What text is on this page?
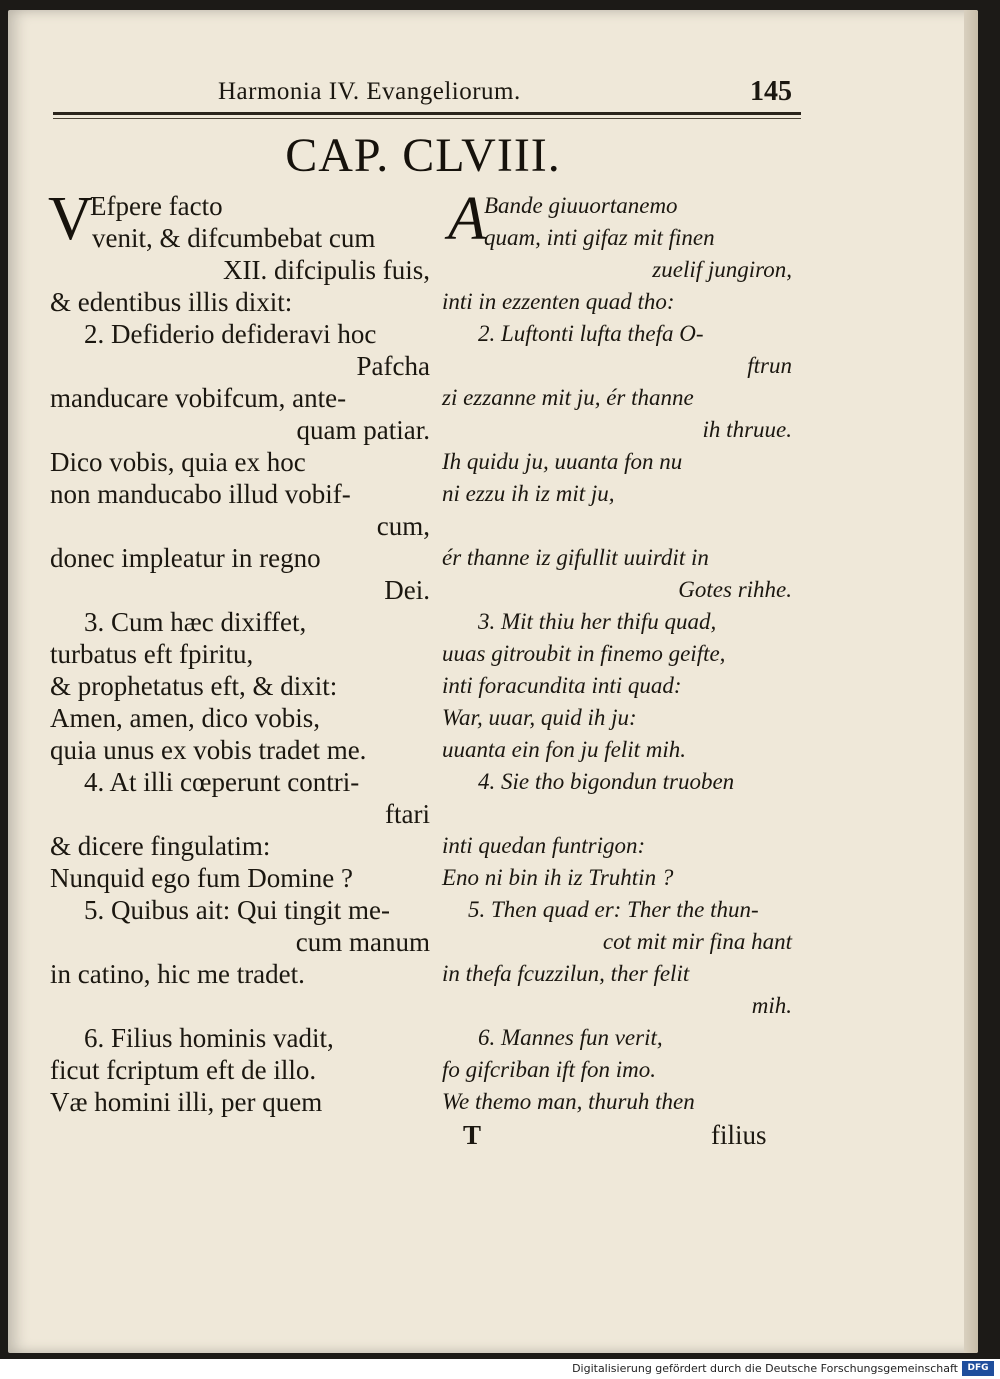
Harmonia IV. Evangeliorum.	145
CAP. CLVIII.
V
Efpere facto
venit, & difcumbebat cum
XII. difcipulis fuis,
& edentibus illis dixit:
2. Defiderio defideravi hoc
Pafcha
manducare vobifcum, ante-
quam patiar.
Dico vobis, quia ex hoc
non manducabo illud vobif-
cum,
donec impleatur in regno
Dei.
3. Cum hæc dixiffet,
turbatus eft fpiritu,
& prophetatus eft, & dixit:
Amen, amen, dico vobis,
quia unus ex vobis tradet me.
4. At illi cœperunt contri-
ftari
& dicere fingulatim:
Nunquid ego fum Domine ?
5. Quibus ait: Qui tingit me-
cum manum
in catino, hic me tradet.
6. Filius hominis vadit,
ficut fcriptum eft de illo.
Væ homini illi, per quem
A
Bande giuuortanemo
quam, inti gifaz mit finen
zuelif jungiron,
inti in ezzenten quad tho:
2. Luftonti lufta thefa O-
ftrun
zi ezzanne mit ju, ér thanne
ih thruue.
Ih quidu ju, uuanta fon nu
ni ezzu ih iz mit ju,
ér thanne iz gifullit uuirdit in
Gotes rihhe.
3. Mit thiu her thifu quad,
uuas gitroubit in finemo geifte,
inti foracundita inti quad:
War, uuar, quid ih ju:
uuanta ein fon ju felit mih.
4. Sie tho bigondun truoben
inti quedan funtrigon:
Eno ni bin ih iz Truhtin ?
5. Then quad er: Ther the thun-
cot mit mir fina hant
in thefa fcuzzilun, ther felit
mih.
6. Mannes fun verit,
fo gifcriban ift fon imo.
We themo man, thuruh then
T	filius
Digitalisierung gefördert durch die Deutsche Forschungsgemeinschaft	DFG
